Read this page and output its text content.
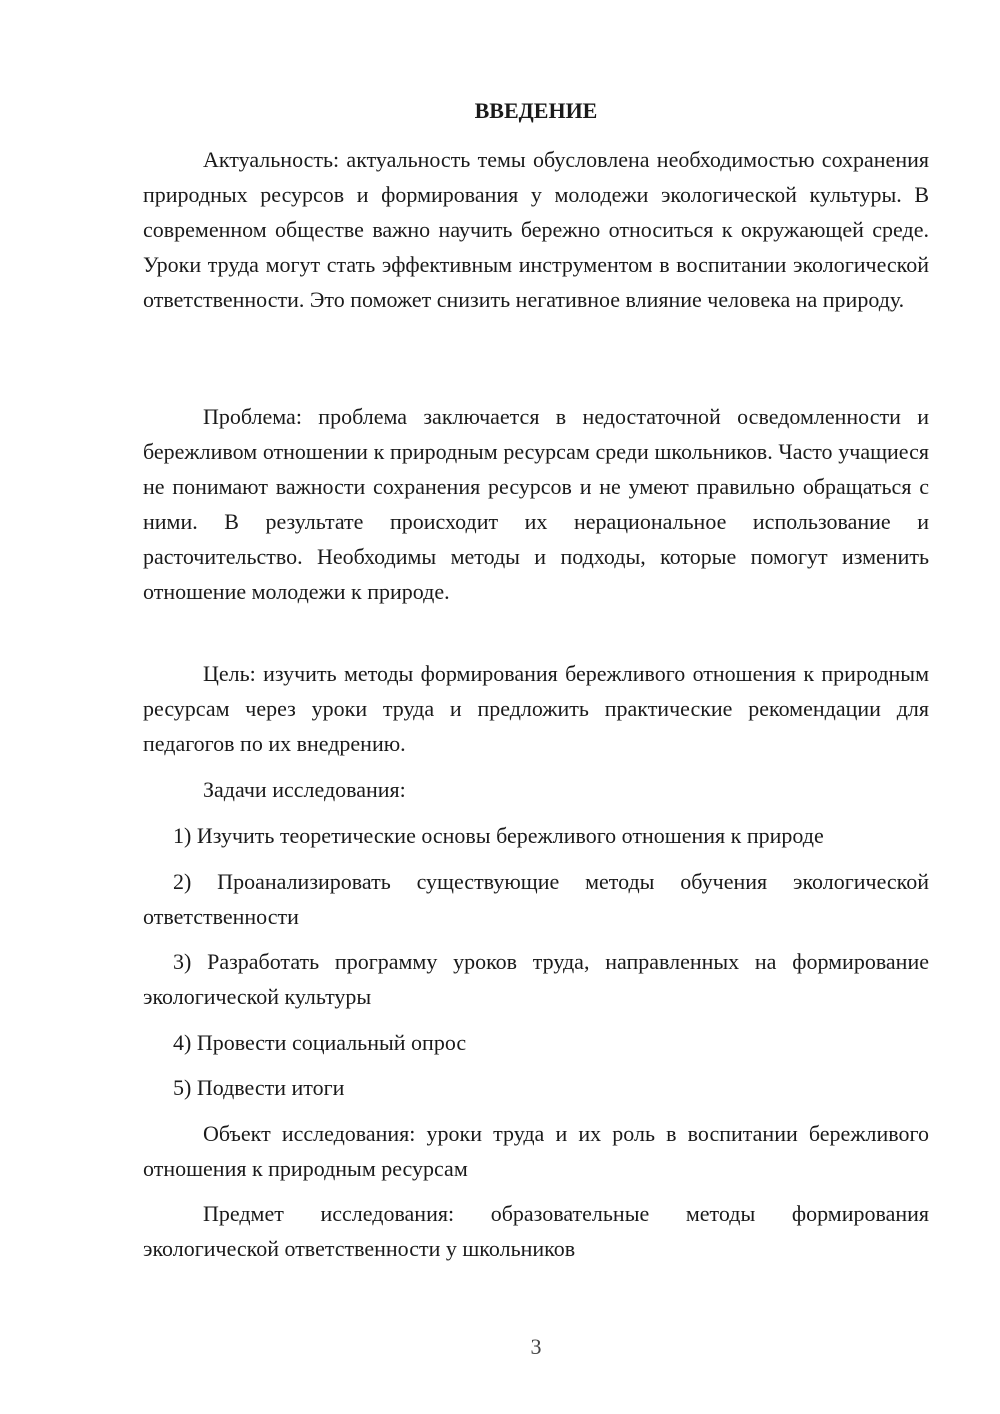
ВВЕДЕНИЕ

Актуальность: актуальность темы обусловлена необходимостью сохранения природных ресурсов и формирования у молодежи экологической культуры. В современном обществе важно научить бережно относиться к окружающей среде. Уроки труда могут стать эффективным инструментом в воспитании экологической ответственности. Это поможет снизить негативное влияние человека на природу.

Проблема: проблема заключается в недостаточной осведомленности и бережливом отношении к природным ресурсам среди школьников. Часто учащиеся не понимают важности сохранения ресурсов и не умеют правильно обращаться с ними. В результате происходит их нерациональное использование и расточительство. Необходимы методы и подходы, которые помогут изменить отношение молодежи к природе.

Цель: изучить методы формирования бережливого отношения к природным ресурсам через уроки труда и предложить практические рекомендации для педагогов по их внедрению.

Задачи исследования:

1) Изучить теоретические основы бережливого отношения к природе

2) Проанализировать существующие методы обучения экологической ответственности

3) Разработать программу уроков труда, направленных на формирование экологической культуры

4) Провести социальный опрос

5) Подвести итоги

Объект исследования: уроки труда и их роль в воспитании бережливого отношения к природным ресурсам

Предмет исследования: образовательные методы формирования экологической ответственности у школьников

3
